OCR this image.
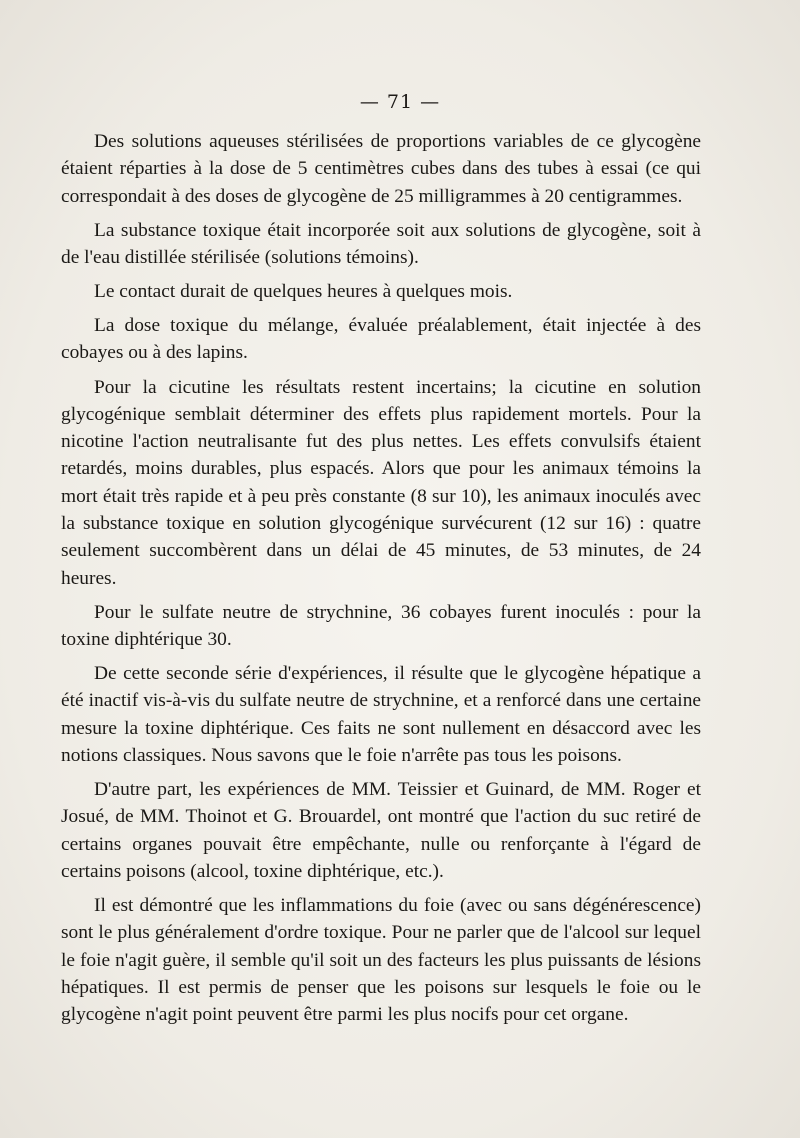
— 71 —

Des solutions aqueuses stérilisées de proportions variables de ce glycogène étaient réparties à la dose de 5 centimètres cubes dans des tubes à essai (ce qui correspondait à des doses de glycogène de 25 milligrammes à 20 centigrammes.

La substance toxique était incorporée soit aux solutions de glycogène, soit à de l'eau distillée stérilisée (solutions témoins).

Le contact durait de quelques heures à quelques mois.

La dose toxique du mélange, évaluée préalablement, était injectée à des cobayes ou à des lapins.

Pour la cicutine les résultats restent incertains; la cicutine en solution glycogénique semblait déterminer des effets plus rapidement mortels. Pour la nicotine l'action neutralisante fut des plus nettes. Les effets convulsifs étaient retardés, moins durables, plus espacés. Alors que pour les animaux témoins la mort était très rapide et à peu près constante (8 sur 10), les animaux inoculés avec la substance toxique en solution glycogénique survécurent (12 sur 16) : quatre seulement succombèrent dans un délai de 45 minutes, de 53 minutes, de 24 heures.

Pour le sulfate neutre de strychnine, 36 cobayes furent inoculés : pour la toxine diphtérique 30.

De cette seconde série d'expériences, il résulte que le glycogène hépatique a été inactif vis-à-vis du sulfate neutre de strychnine, et a renforcé dans une certaine mesure la toxine diphtérique. Ces faits ne sont nullement en désaccord avec les notions classiques. Nous savons que le foie n'arrête pas tous les poisons.

D'autre part, les expériences de MM. Teissier et Guinard, de MM. Roger et Josué, de MM. Thoinot et G. Brouardel, ont montré que l'action du suc retiré de certains organes pouvait être empêchante, nulle ou renforçante à l'égard de certains poisons (alcool, toxine diphtérique, etc.).

Il est démontré que les inflammations du foie (avec ou sans dégénérescence) sont le plus généralement d'ordre toxique. Pour ne parler que de l'alcool sur lequel le foie n'agit guère, il semble qu'il soit un des facteurs les plus puissants de lésions hépatiques. Il est permis de penser que les poisons sur lesquels le foie ou le glycogène n'agit point peuvent être parmi les plus nocifs pour cet organe.
